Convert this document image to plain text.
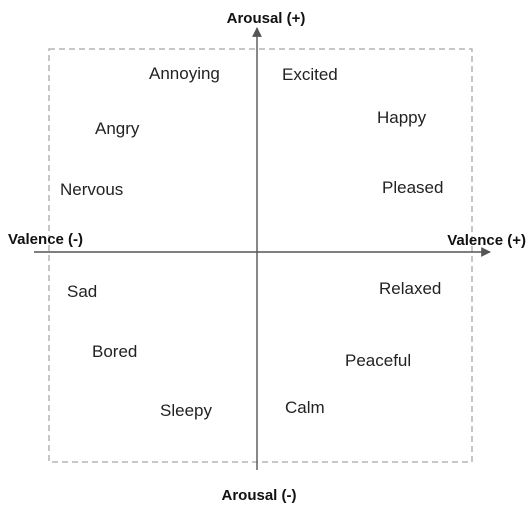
Arousal (+)
Arousal (-)
Valence (-)	Valence (+)
Annoying	Excited
Angry
Happy
Nervous	Pleased
Sad	Relaxed
Bored	Peaceful
Sleepy	Calm
